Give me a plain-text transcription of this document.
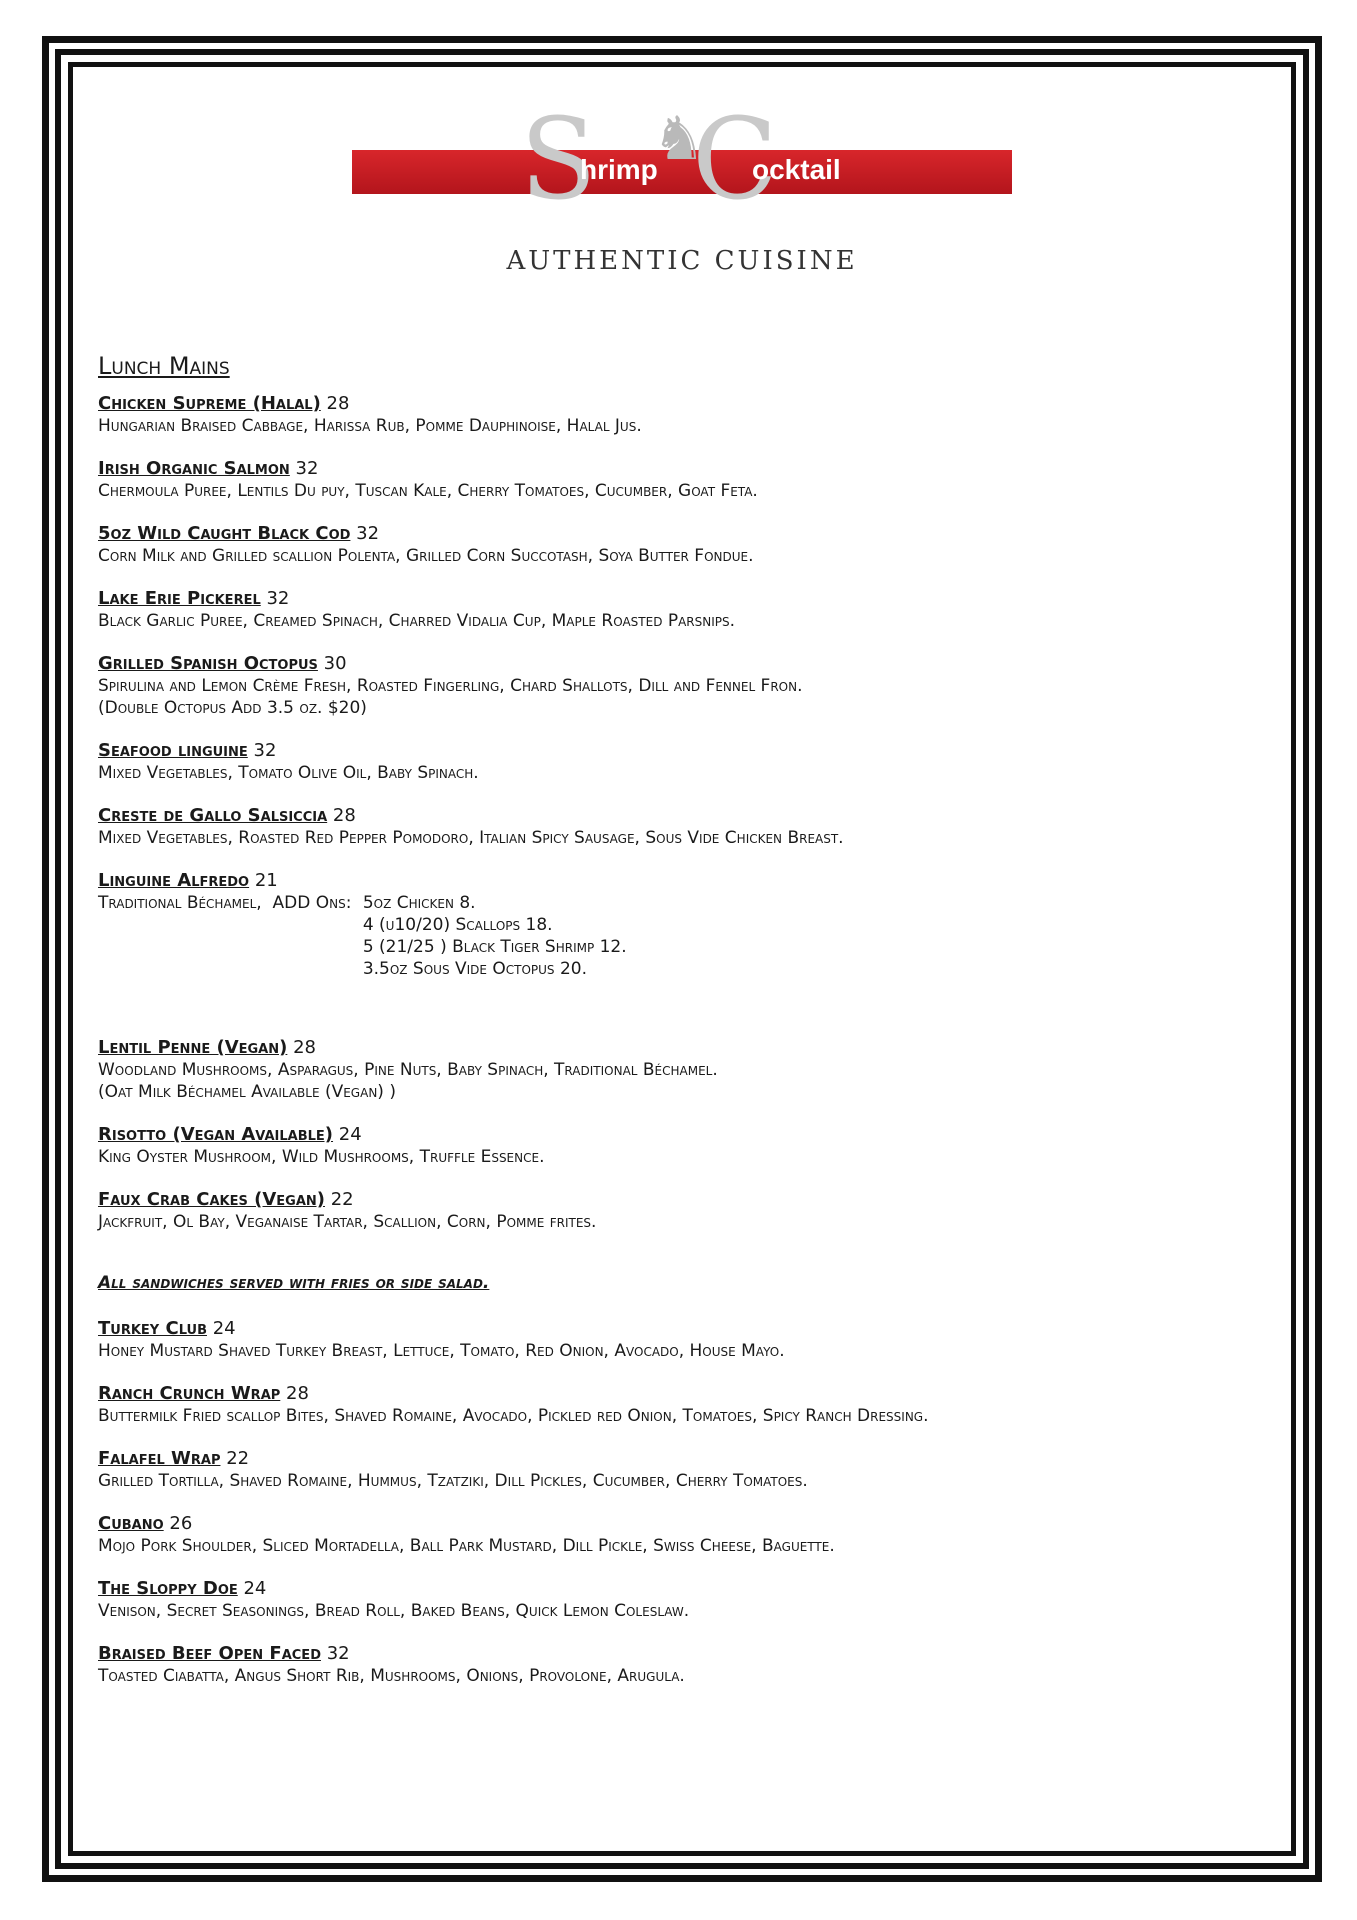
S ♞
C
hrimp	ocktail
AUTHENTIC CUISINE
Lunch Mains
Chicken Supreme (Halal) 28
Hungarian Braised Cabbage, Harissa Rub, Pomme Dauphinoise, Halal Jus.
Irish Organic Salmon 32
Chermoula Puree, Lentils Du puy, Tuscan Kale, Cherry Tomatoes, Cucumber, Goat Feta.
5oz Wild Caught Black Cod 32
Corn Milk and Grilled scallion Polenta, Grilled Corn Succotash, Soya Butter Fondue.
Lake Erie Pickerel 32
Black Garlic Puree, Creamed Spinach, Charred Vidalia Cup, Maple Roasted Parsnips.
Grilled Spanish Octopus 30
Spirulina and Lemon Crème Fresh, Roasted Fingerling, Chard Shallots, Dill and Fennel Fron.
(Double Octopus Add 3.5 oz. $20)
Seafood linguine 32
Mixed Vegetables, Tomato Olive Oil, Baby Spinach.
Creste de Gallo Salsiccia 28
Mixed Vegetables, Roasted Red Pepper Pomodoro, Italian Spicy Sausage, Sous Vide Chicken Breast.
Linguine Alfredo 21
Traditional Béchamel,  ADD Ons: 5oz Chicken 8.
4 (u10/20) Scallops 18.
5 (21/25 ) Black Tiger Shrimp 12.
3.5oz Sous Vide Octopus 20.
Lentil Penne (Vegan) 28
Woodland Mushrooms, Asparagus, Pine Nuts, Baby Spinach, Traditional Béchamel.
(Oat Milk Béchamel Available (Vegan) )
Risotto (Vegan Available) 24
King Oyster Mushroom, Wild Mushrooms, Truffle Essence.
Faux Crab Cakes (Vegan) 22
Jackfruit, Ol Bay, Veganaise Tartar, Scallion, Corn, Pomme frites.
All sandwiches served with fries or side salad.
Turkey Club 24
Honey Mustard Shaved Turkey Breast, Lettuce, Tomato, Red Onion, Avocado, House Mayo.
Ranch Crunch Wrap 28
Buttermilk Fried scallop Bites, Shaved Romaine, Avocado, Pickled red Onion, Tomatoes, Spicy Ranch Dressing.
Falafel Wrap 22
Grilled Tortilla, Shaved Romaine, Hummus, Tzatziki, Dill Pickles, Cucumber, Cherry Tomatoes.
Cubano 26
Mojo Pork Shoulder, Sliced Mortadella, Ball Park Mustard, Dill Pickle, Swiss Cheese, Baguette.
The Sloppy Doe 24
Venison, Secret Seasonings, Bread Roll, Baked Beans, Quick Lemon Coleslaw.
Braised Beef Open Faced 32
Toasted Ciabatta, Angus Short Rib, Mushrooms, Onions, Provolone, Arugula.
